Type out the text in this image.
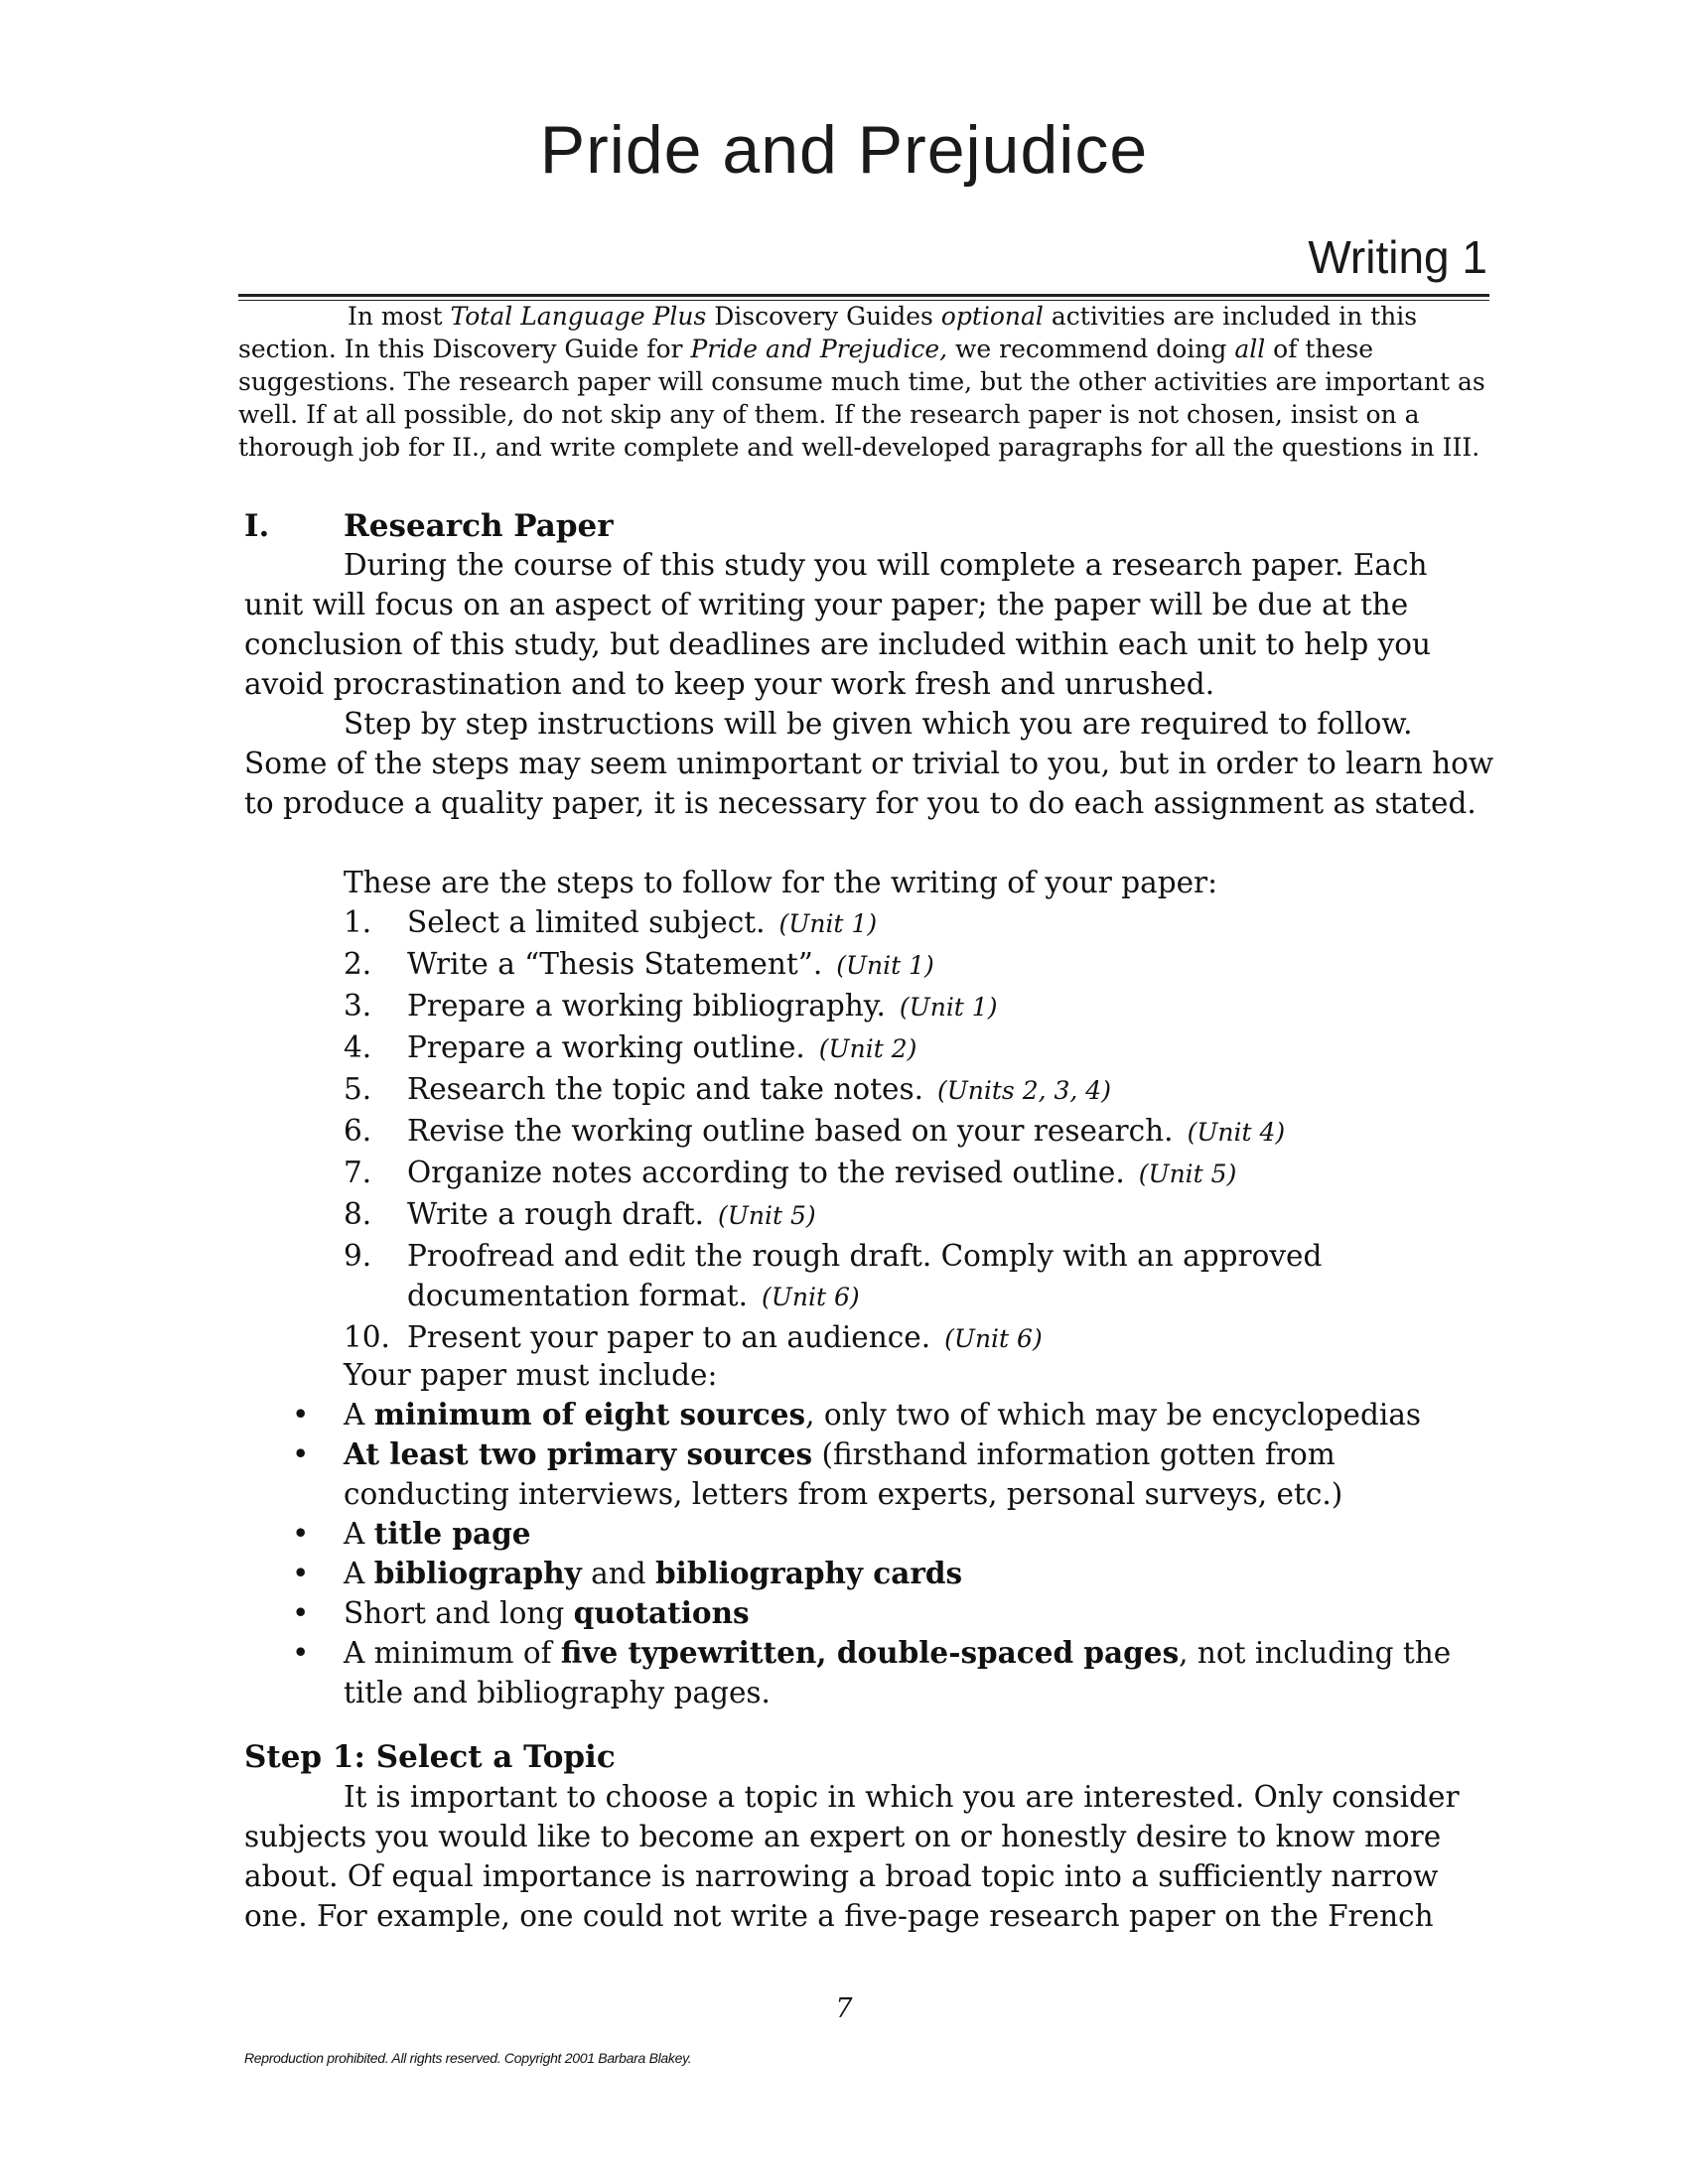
Pride and Prejudice
Writing 1

In most Total Language Plus Discovery Guides optional activities are included in this section. In this Discovery Guide for Pride and Prejudice, we recommend doing all of these suggestions. The research paper will consume much time, but the other activities are important as well. If at all possible, do not skip any of them. If the research paper is not chosen, insist on a thorough job for II., and write complete and well-developed paragraphs for all the questions in III.

I. Research Paper

During the course of this study you will complete a research paper. Each unit will focus on an aspect of writing your paper; the paper will be due at the conclusion of this study, but deadlines are included within each unit to help you avoid procrastination and to keep your work fresh and unrushed.

Step by step instructions will be given which you are required to follow. Some of the steps may seem unimportant or trivial to you, but in order to learn how to produce a quality paper, it is necessary for you to do each assignment as stated.

These are the steps to follow for the writing of your paper:

1.	Select a limited subject. (Unit 1)
2.	Write a “Thesis Statement”. (Unit 1)
3.	Prepare a working bibliography. (Unit 1)
4.	Prepare a working outline. (Unit 2)
5.	Research the topic and take notes. (Units 2, 3, 4)
6.	Revise the working outline based on your research. (Unit 4)
7.	Organize notes according to the revised outline. (Unit 5)
8.	Write a rough draft. (Unit 5)
9.	Proofread and edit the rough draft. Comply with an approved documentation format. (Unit 6)
10. Present your paper to an audience. (Unit 6)

Your paper must include:

•	A minimum of eight sources, only two of which may be encyclopedias
•	At least two primary sources (firsthand information gotten from conducting interviews, letters from experts, personal surveys, etc.)
•	A title page
•	A bibliography and bibliography cards
•	Short and long quotations
•	A minimum of five typewritten, double-spaced pages, not including the title and bibliography pages.
Step 1: Select a Topic

It is important to choose a topic in which you are interested. Only consider subjects you would like to become an expert on or honestly desire to know more about. Of equal importance is narrowing a broad topic into a sufficiently narrow one. For example, one could not write a five-page research paper on the French

7
Reproduction prohibited. All rights reserved. Copyright 2001 Barbara Blakey.
